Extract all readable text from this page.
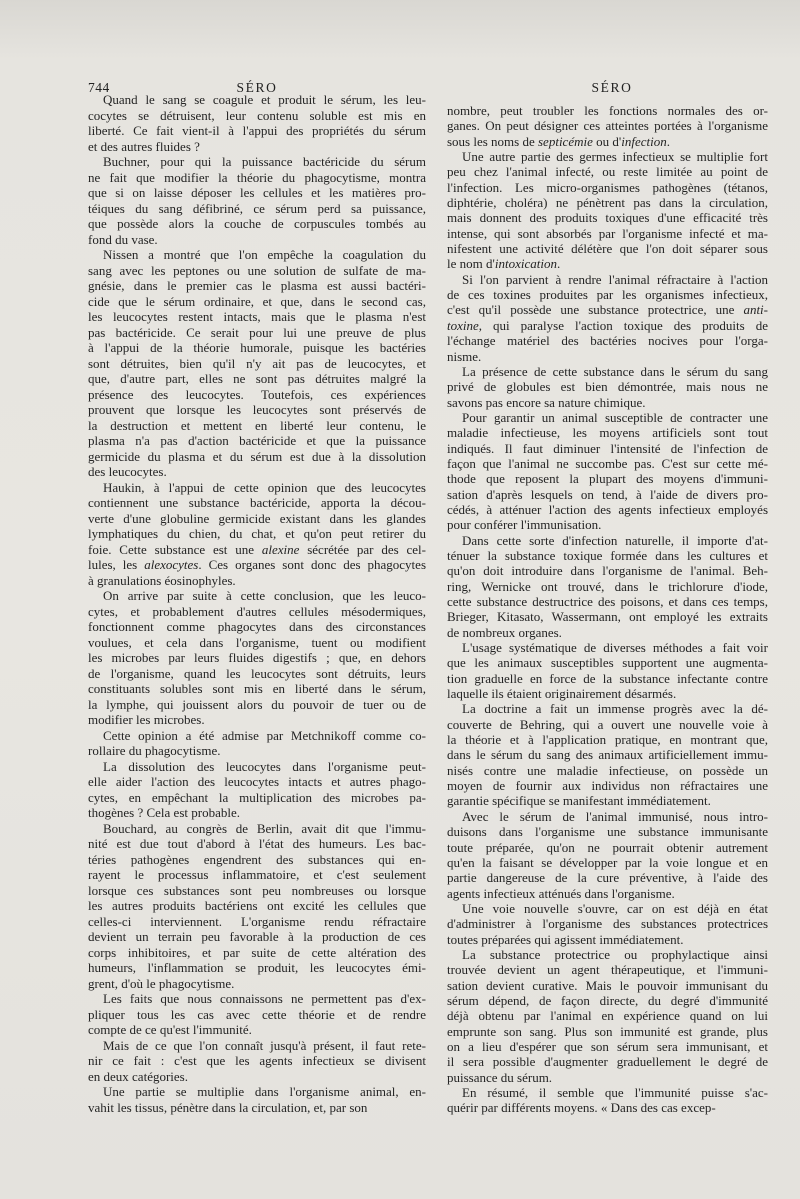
744	SÉRO	SÉRO
Quand le sang se coagule et produit le sérum, les leu-
cocytes se détruisent, leur contenu soluble est mis en
liberté. Ce fait vient-il à l'appui des propriétés du sérum
et des autres fluides ?
Buchner, pour qui la puissance bactéricide du sérum
ne fait que modifier la théorie du phagocytisme, montra
que si on laisse déposer les cellules et les matières pro-
téiques du sang défibriné, ce sérum perd sa puissance,
que possède alors la couche de corpuscules tombés au
fond du vase.
Nissen a montré que l'on empêche la coagulation du
sang avec les peptones ou une solution de sulfate de ma-
gnésie, dans le premier cas le plasma est aussi bactéri-
cide que le sérum ordinaire, et que, dans le second cas,
les leucocytes restent intacts, mais que le plasma n'est
pas bactéricide. Ce serait pour lui une preuve de plus
à l'appui de la théorie humorale, puisque les bactéries
sont détruites, bien qu'il n'y ait pas de leucocytes, et
que, d'autre part, elles ne sont pas détruites malgré la
présence des leucocytes. Toutefois, ces expériences
prouvent que lorsque les leucocytes sont préservés de
la destruction et mettent en liberté leur contenu, le
plasma n'a pas d'action bactéricide et que la puissance
germicide du plasma et du sérum est due à la dissolution
des leucocytes.
Haukin, à l'appui de cette opinion que des leucocytes
contiennent une substance bactéricide, apporta la décou-
verte d'une globuline germicide existant dans les glandes
lymphatiques du chien, du chat, et qu'on peut retirer du
foie. Cette substance est une alexine sécrétée par des cel-
lules, les alexocytes. Ces organes sont donc des phagocytes
à granulations éosinophyles.
On arrive par suite à cette conclusion, que les leuco-
cytes, et probablement d'autres cellules mésodermiques,
fonctionnent comme phagocytes dans des circonstances
voulues, et cela dans l'organisme, tuent ou modifient
les microbes par leurs fluides digestifs ; que, en dehors
de l'organisme, quand les leucocytes sont détruits, leurs
constituants solubles sont mis en liberté dans le sérum,
la lymphe, qui jouissent alors du pouvoir de tuer ou de
modifier les microbes.
Cette opinion a été admise par Metchnikoff comme co-
rollaire du phagocytisme.
La dissolution des leucocytes dans l'organisme peut-
elle aider l'action des leucocytes intacts et autres phago-
cytes, en empêchant la multiplication des microbes pa-
thogènes ? Cela est probable.
Bouchard, au congrès de Berlin, avait dit que l'immu-
nité est due tout d'abord à l'état des humeurs. Les bac-
téries pathogènes engendrent des substances qui en-
rayent le processus inflammatoire, et c'est seulement
lorsque ces substances sont peu nombreuses ou lorsque
les autres produits bactériens ont excité les cellules que
celles-ci interviennent. L'organisme rendu réfractaire
devient un terrain peu favorable à la production de ces
corps inhibitoires, et par suite de cette altération des
humeurs, l'inflammation se produit, les leucocytes émi-
grent, d'où le phagocytisme.
Les faits que nous connaissons ne permettent pas d'ex-
pliquer tous les cas avec cette théorie et de rendre
compte de ce qu'est l'immunité.
Mais de ce que l'on connaît jusqu'à présent, il faut rete-
nir ce fait : c'est que les agents infectieux se divisent
en deux catégories.
Une partie se multiplie dans l'organisme animal, en-
vahit les tissus, pénètre dans la circulation, et, par son
nombre, peut troubler les fonctions normales des or-
ganes. On peut désigner ces atteintes portées à l'organisme
sous les noms de septicémie ou d'infection.
Une autre partie des germes infectieux se multiplie fort
peu chez l'animal infecté, ou reste limitée au point de
l'infection. Les micro-organismes pathogènes (tétanos,
diphtérie, choléra) ne pénètrent pas dans la circulation,
mais donnent des produits toxiques d'une efficacité très
intense, qui sont absorbés par l'organisme infecté et ma-
nifestent une activité délétère que l'on doit séparer sous
le nom d'intoxication.
Si l'on parvient à rendre l'animal réfractaire à l'action
de ces toxines produites par les organismes infectieux,
c'est qu'il possède une substance protectrice, une anti-
toxine, qui paralyse l'action toxique des produits de
l'échange matériel des bactéries nocives pour l'orga-
nisme.
La présence de cette substance dans le sérum du sang
privé de globules est bien démontrée, mais nous ne
savons pas encore sa nature chimique.
Pour garantir un animal susceptible de contracter une
maladie infectieuse, les moyens artificiels sont tout
indiqués. Il faut diminuer l'intensité de l'infection de
façon que l'animal ne succombe pas. C'est sur cette mé-
thode que reposent la plupart des moyens d'immuni-
sation d'après lesquels on tend, à l'aide de divers pro-
cédés, à atténuer l'action des agents infectieux employés
pour conférer l'immunisation.
Dans cette sorte d'infection naturelle, il importe d'at-
ténuer la substance toxique formée dans les cultures et
qu'on doit introduire dans l'organisme de l'animal. Beh-
ring, Wernicke ont trouvé, dans le trichlorure d'iode,
cette substance destructrice des poisons, et dans ces temps,
Brieger, Kitasato, Wassermann, ont employé les extraits
de nombreux organes.
L'usage systématique de diverses méthodes a fait voir
que les animaux susceptibles supportent une augmenta-
tion graduelle en force de la substance infectante contre
laquelle ils étaient originairement désarmés.
La doctrine a fait un immense progrès avec la dé-
couverte de Behring, qui a ouvert une nouvelle voie à
la théorie et à l'application pratique, en montrant que,
dans le sérum du sang des animaux artificiellement immu-
nisés contre une maladie infectieuse, on possède un
moyen de fournir aux individus non réfractaires une
garantie spécifique se manifestant immédiatement.
Avec le sérum de l'animal immunisé, nous intro-
duisons dans l'organisme une substance immunisante
toute préparée, qu'on ne pourrait obtenir autrement
qu'en la faisant se développer par la voie longue et en
partie dangereuse de la cure préventive, à l'aide des
agents infectieux atténués dans l'organisme.
Une voie nouvelle s'ouvre, car on est déjà en état
d'administrer à l'organisme des substances protectrices
toutes préparées qui agissent immédiatement.
La substance protectrice ou prophylactique ainsi
trouvée devient un agent thérapeutique, et l'immuni-
sation devient curative. Mais le pouvoir immunisant du
sérum dépend, de façon directe, du degré d'immunité
déjà obtenu par l'animal en expérience quand on lui
emprunte son sang. Plus son immunité est grande, plus
on a lieu d'espérer que son sérum sera immunisant, et
il sera possible d'augmenter graduellement le degré de
puissance du sérum.
En résumé, il semble que l'immunité puisse s'ac-
quérir par différents moyens. « Dans des cas excep-
